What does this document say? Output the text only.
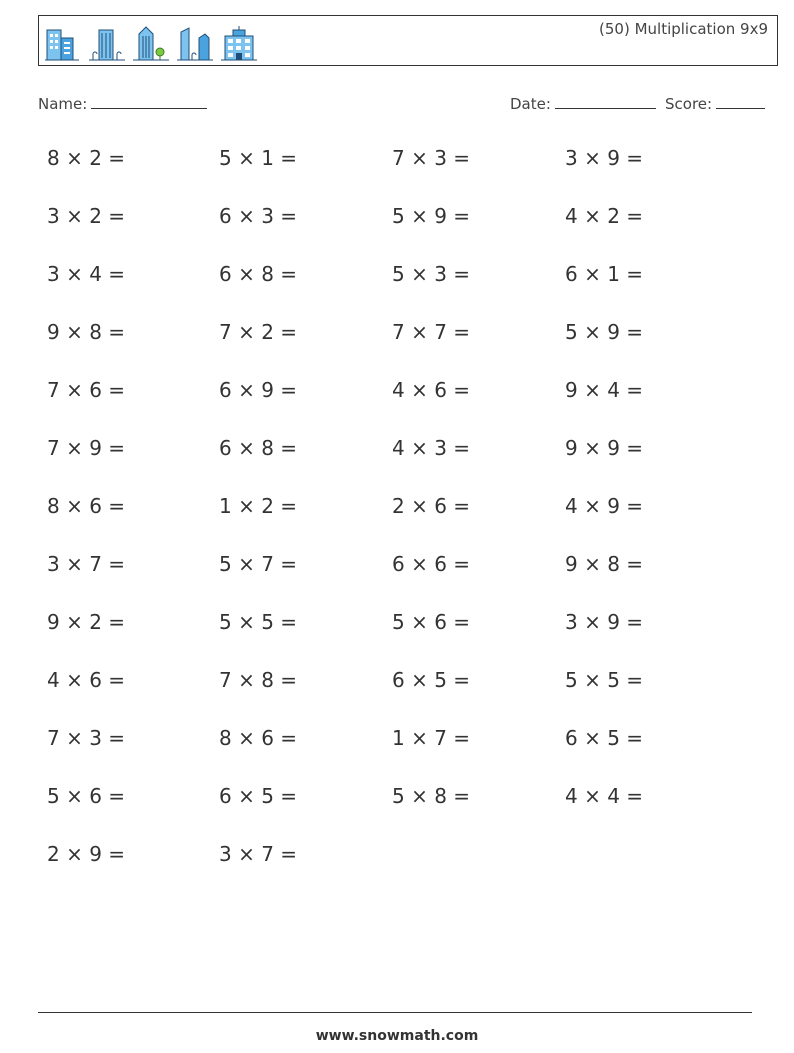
(50) Multiplication 9x9
Name:	Date:	Score:
8 × 2 =	5 × 1 =	7 × 3 =	3 × 9 =
3 × 2 =	6 × 3 =	5 × 9 =	4 × 2 =
3 × 4 =	6 × 8 =	5 × 3 =	6 × 1 =
9 × 8 =	7 × 2 =	7 × 7 =	5 × 9 =
7 × 6 =	6 × 9 =	4 × 6 =	9 × 4 =
7 × 9 =	6 × 8 =	4 × 3 =	9 × 9 =
8 × 6 =	1 × 2 =	2 × 6 =	4 × 9 =
3 × 7 =	5 × 7 =	6 × 6 =	9 × 8 =
9 × 2 =	5 × 5 =	5 × 6 =	3 × 9 =
4 × 6 =	7 × 8 =	6 × 5 =	5 × 5 =
7 × 3 =	8 × 6 =	1 × 7 =	6 × 5 =
5 × 6 =	6 × 5 =	5 × 8 =	4 × 4 =
2 × 9 =	3 × 7 =
www.snowmath.com
